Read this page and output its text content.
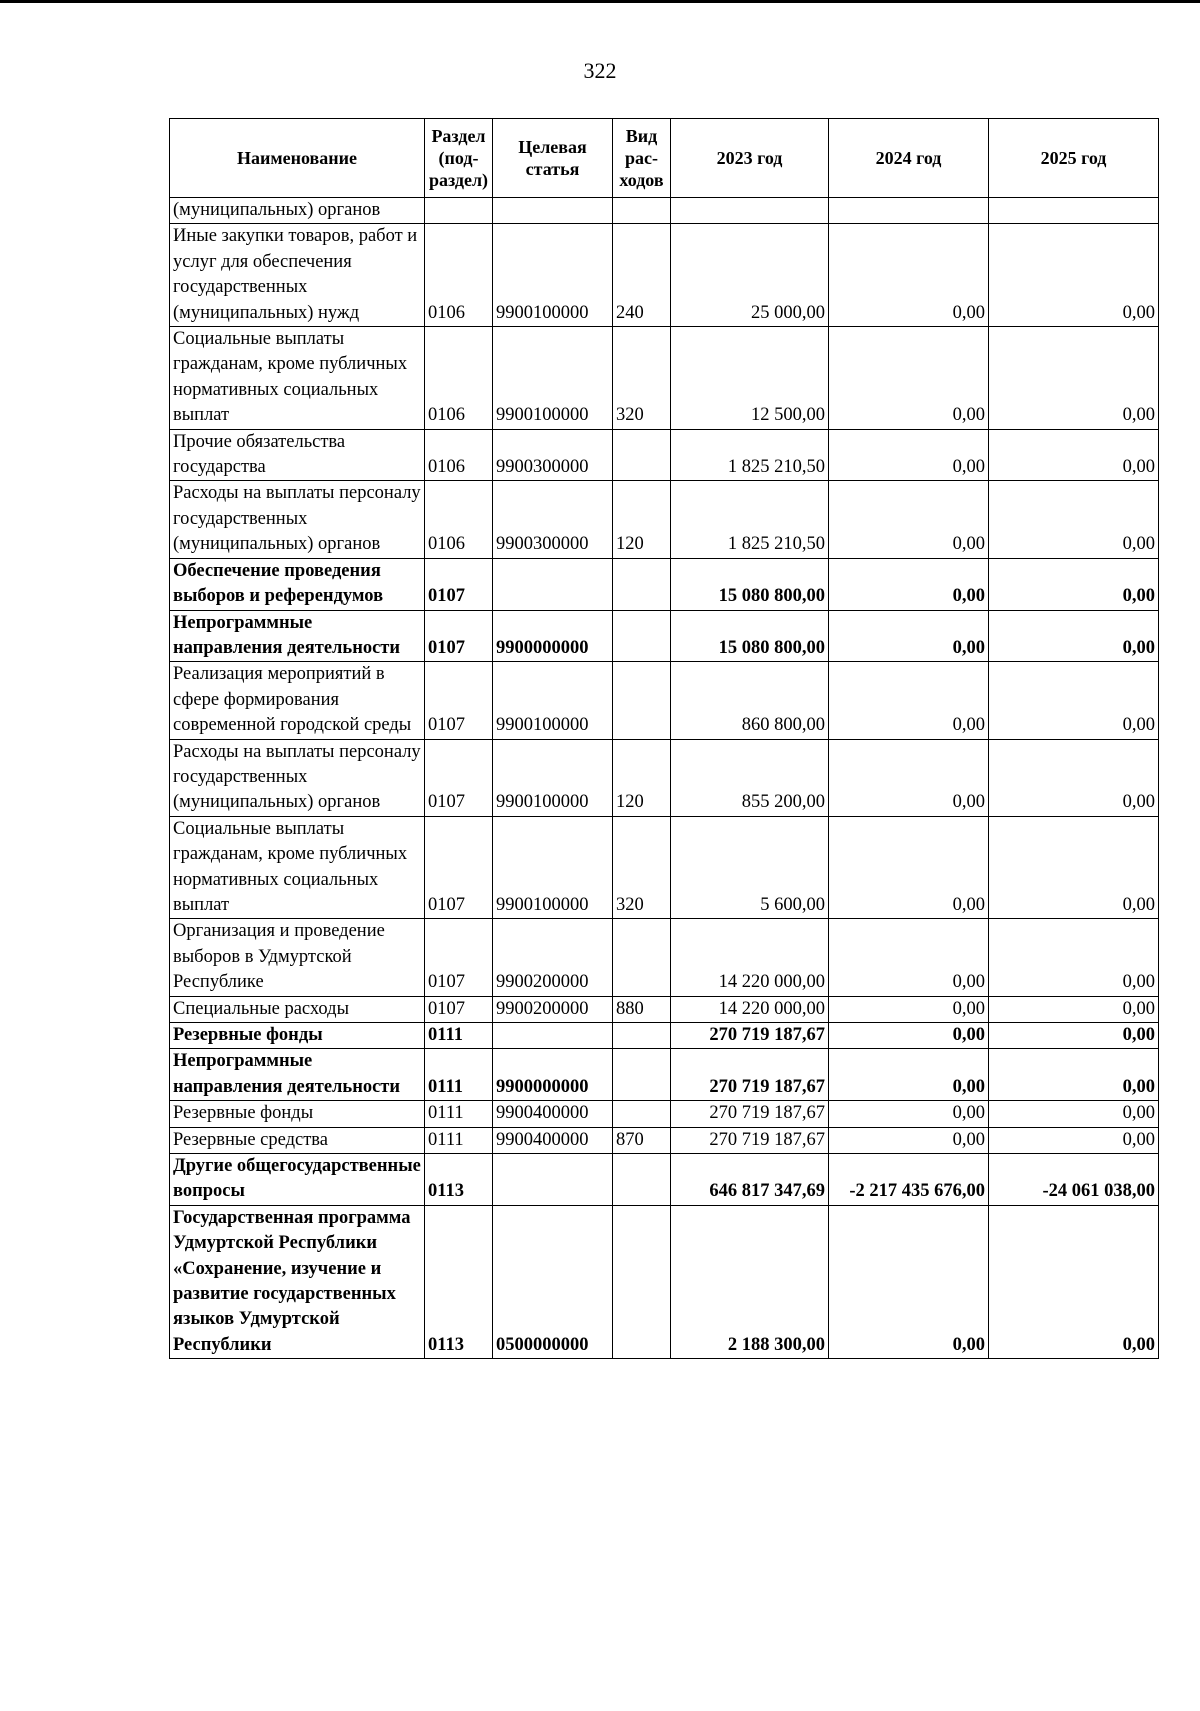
322
Наименование	Раздел (под-раздел)	Целевая статья	Вид рас-ходов	2023 год	2024 год	2025 год
(муниципальных) органов						
Иные закупки товаров, работ и услуг для обеспечения государственных (муниципальных) нужд	0106	9900100000	240	25 000,00	0,00	0,00
Социальные выплаты гражданам, кроме публичных нормативных социальных выплат	0106	9900100000	320	12 500,00	0,00	0,00
Прочие обязательства государства	0106	9900300000		1 825 210,50	0,00	0,00
Расходы на выплаты персоналу государственных (муниципальных) органов	0106	9900300000	120	1 825 210,50	0,00	0,00
Обеспечение проведения выборов и референдумов	0107			15 080 800,00	0,00	0,00
Непрограммные направления деятельности	0107	9900000000		15 080 800,00	0,00	0,00
Реализация мероприятий в сфере формирования современной городской среды	0107	9900100000		860 800,00	0,00	0,00
Расходы на выплаты персоналу государственных (муниципальных) органов	0107	9900100000	120	855 200,00	0,00	0,00
Социальные выплаты гражданам, кроме публичных нормативных социальных выплат	0107	9900100000	320	5 600,00	0,00	0,00
Организация и проведение выборов в Удмуртской Республике	0107	9900200000		14 220 000,00	0,00	0,00
Специальные расходы	0107	9900200000	880	14 220 000,00	0,00	0,00
Резервные фонды	0111			270 719 187,67	0,00	0,00
Непрограммные направления деятельности	0111	9900000000		270 719 187,67	0,00	0,00
Резервные фонды	0111	9900400000		270 719 187,67	0,00	0,00
Резервные средства	0111	9900400000	870	270 719 187,67	0,00	0,00
Другие общегосударственные вопросы	0113			646 817 347,69	-2 217 435 676,00	-24 061 038,00
Государственная программа Удмуртской Республики «Сохранение, изучение и развитие государственных языков Удмуртской Республики	0113	0500000000		2 188 300,00	0,00	0,00
